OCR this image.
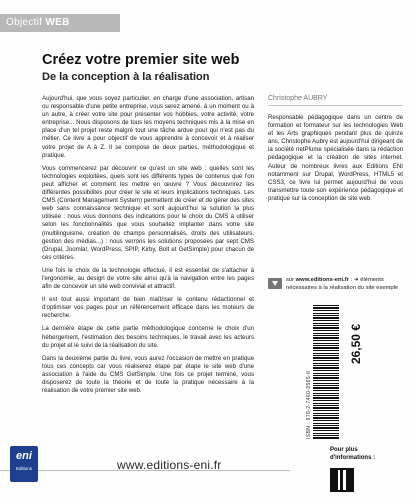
Objectif WEB
Créez votre premier site web
De la conception à la réalisation

Aujourd'hui, que vous soyez particulier, en charge d'une association, artisan ou responsable d'une petite entreprise, vous serez amené, à un moment ou à un autre, à créer votre site pour présenter vos hobbies, votre activité, votre entreprise... Nous disposons de tous les moyens techniques mis à la mise en place d'un tel projet reste malgré tout une tâche ardue pour qui n'est pas du métier. Ce livre a pour objectif de vous apprendre à concevoir et à réaliser votre projet de A à Z. Il se compose de deux parties, méthodologique et pratique.

Vous commencerez par découvrir ce qu'est un site web : quelles sont les technologies exploitées, quels sont les différents types de contenus que l'on peut afficher et comment les mettre en œuvre ? Vous découvrirez les différentes possibilités pour créer le site et leurs implications techniques. Les CMS (Content Management System) permettent de créer et de gérer des sites web sans connaissance technique et sont aujourd'hui la solution la plus utilisée : nous vous donnons des indications pour le choix du CMS à utiliser selon les fonctionnalités que vous souhaitez implanter dans votre site (multilinguisme, création de champs personnalisés, droits des utilisateurs, gestion des médias...) : nous verrons les solutions proposées par sept CMS (Drupal, Joomla!, WordPress, SPIP, Kirby, Bolt et GetSimple) pour chacun de ces critères.

Une fois le choix de la technologie effectué, il est essentiel de s'attacher à l'ergonomie, au design de votre site ainsi qu'à la navigation entre les pages afin de concevoir un site web convivial et attractif.

Il est tout aussi important de bien maîtriser le contenu rédactionnel et d'optimiser vos pages pour un référencement efficace dans les moteurs de recherche.

La dernière étape de cette partie méthodologique concerne le choix d'un hébergement, l'estimation des besoins techniques, le travail avec les acteurs du projet et le suivi de la réalisation du site.

Dans la deuxième partie du livre, vous aurez l'occasion de mettre en pratique tous ces concepts car vous réaliserez étape par étape le site web d'une association à l'aide du CMS GetSimple. Une fois ce projet terminé, vous disposerez de toute la théorie et de toute la pratique nécessaire à la réalisation de votre premier site web.

Christophe AUBRY
Responsable pédagogique dans un centre de formation et formateur sur les technologies Web et les Arts graphiques pendant plus de quinze ans, Christophe Aubry est aujourd'hui dirigeant de la société netPlume spécialisée dans la rédaction pédagogique et la création de sites internet. Auteur de nombreux livres aux Editions ENI notamment sur Drupal, WordPress, HTML5 et CSS3, ce livre lui permet aujourd'hui de vous transmettre toute son expérience pédagogique et pratique sur la conception de site web.
sur www.editions-eni.fr : ➜ éléments nécessaires à la réalisation du site exemple
ISBN : 978-2-7460-9565-6
26,50 €
eni
Editions	www.editions-eni.fr
Pour plus d'informations :
